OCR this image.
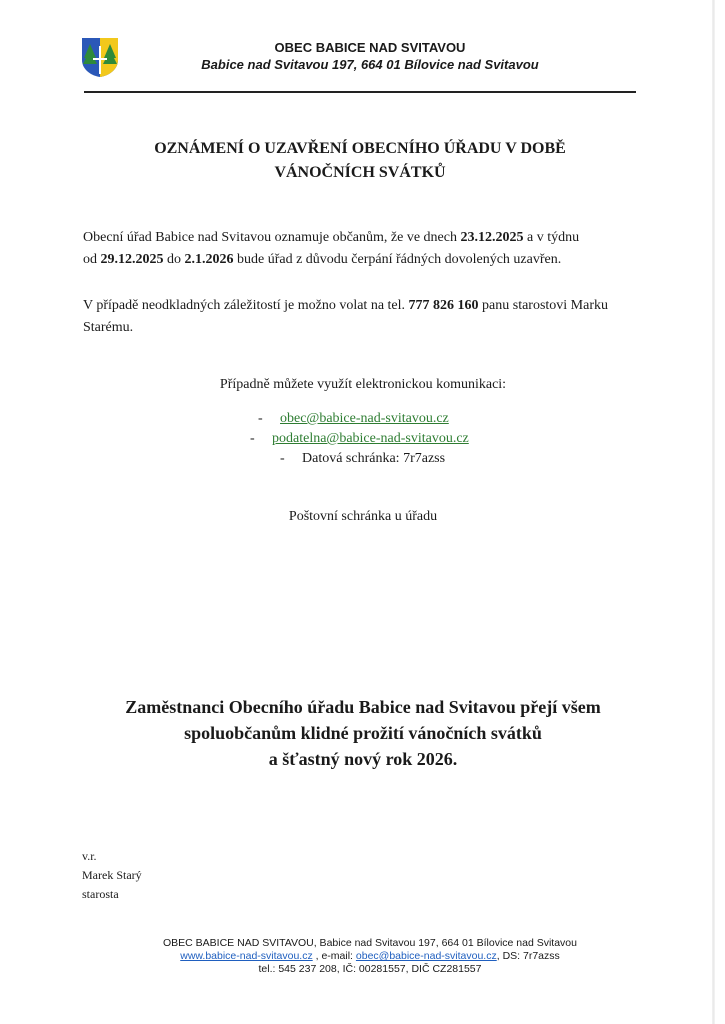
OBEC BABICE NAD SVITAVOU
Babice nad Svitavou 197, 664 01 Bílovice nad Svitavou
OZNÁMENÍ O UZAVŘENÍ OBECNÍHO ÚŘADU V DOBĚ
VÁNOČNÍCH SVÁTKŮ
Obecní úřad Babice nad Svitavou oznamuje občanům, že ve dnech 23.12.2025 a v týdnu
od 29.12.2025 do 2.1.2026 bude úřad z důvodu čerpání řádných dovolených uzavřen.
V případě neodkladných záležitostí je možno volat na tel. 777 826 160 panu starostovi Marku
Starému.
Případně můžete využít elektronickou komunikaci:
-	obec@babice-nad-svitavou.cz
-	podatelna@babice-nad-svitavou.cz
-	Datová schránka: 7r7azss
Poštovní schránka u úřadu
Zaměstnanci Obecního úřadu Babice nad Svitavou přejí všem
spoluobčanům klidné prožití vánočních svátků
a šťastný nový rok 2026.
v.r.
Marek Starý
starosta
OBEC BABICE NAD SVITAVOU, Babice nad Svitavou 197, 664 01 Bílovice nad Svitavou
www.babice-nad-svitavou.cz , e-mail: obec@babice-nad-svitavou.cz, DS: 7r7azss
tel.: 545 237 208, IČ: 00281557, DIČ CZ281557
